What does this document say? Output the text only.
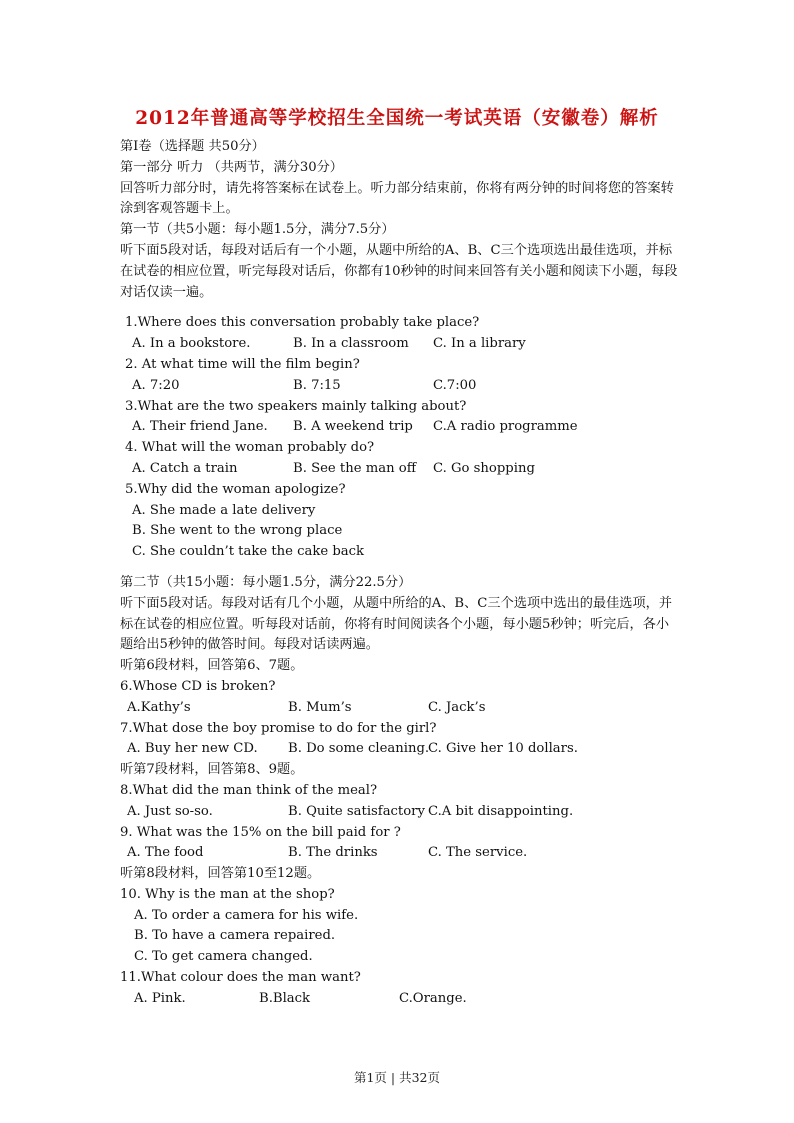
2012年普通高等学校招生全国统一考试英语（安徽卷）解析
第Ⅰ卷（选择题 共50分）
第一部分 听力 （共两节，满分30分）
回答听力部分时，请先将答案标在试卷上。听力部分结束前，你将有两分钟的时间将您的答案转涂到客观答题卡上。
第一节（共5小题：每小题1.5分，满分7.5分）
听下面5段对话，每段对话后有一个小题，从题中所给的A、B、C三个选项选出最佳选项，并标在试卷的相应位置，听完每段对话后，你都有10秒钟的时间来回答有关小题和阅读下小题，每段对话仅读一遍。
1.Where does this conversation probably take place?
A. In a bookstore.	B. In a classroom C. In a library
2. At what time will the film begin?
A. 7:20	B. 7:15	C.7:00
3.What are the two speakers mainly talking about?
A. Their friend Jane. B. A weekend trip C.A radio programme
4. What will the woman probably do?
A. Catch a train	B. See the man off C. Go shopping
5.Why did the woman apologize?
A. She made a late delivery
B. She went to the wrong place
C. She couldn’t take the cake back
第二节（共15小题：每小题1.5分，满分22.5分）
听下面5段对话。每段对话有几个小题，从题中所给的A、B、C三个选项中选出的最佳选项，并标在试卷的相应位置。听每段对话前，你将有时间阅读各个小题，每小题5秒钟；听完后，各小题给出5秒钟的做答时间。每段对话读两遍。
听第6段材料，回答第6、7题。
6.Whose CD is broken?
A.Kathy’s	B. Mum’s	C. Jack’s
7.What dose the boy promise to do for the girl?
A. Buy her new CD. B. Do some cleaning.
C. Give her 10 dollars.
听第7段材料，回答第8、9题。
8.What did the man think of the meal?
A. Just so-so.	B. Quite satisfactory C.A bit disappointing.
9. What was the 15% on the bill paid for ?
A. The food	B. The drinks	C. The service.
听第8段材料，回答第10至12题。
10. Why is the man at the shop?
A. To order a camera for his wife.
B. To have a camera repaired.
C. To get camera changed.
11.What colour does the man want?
A. Pink.	B.Black	C.Orange.
第1页 | 共32页
